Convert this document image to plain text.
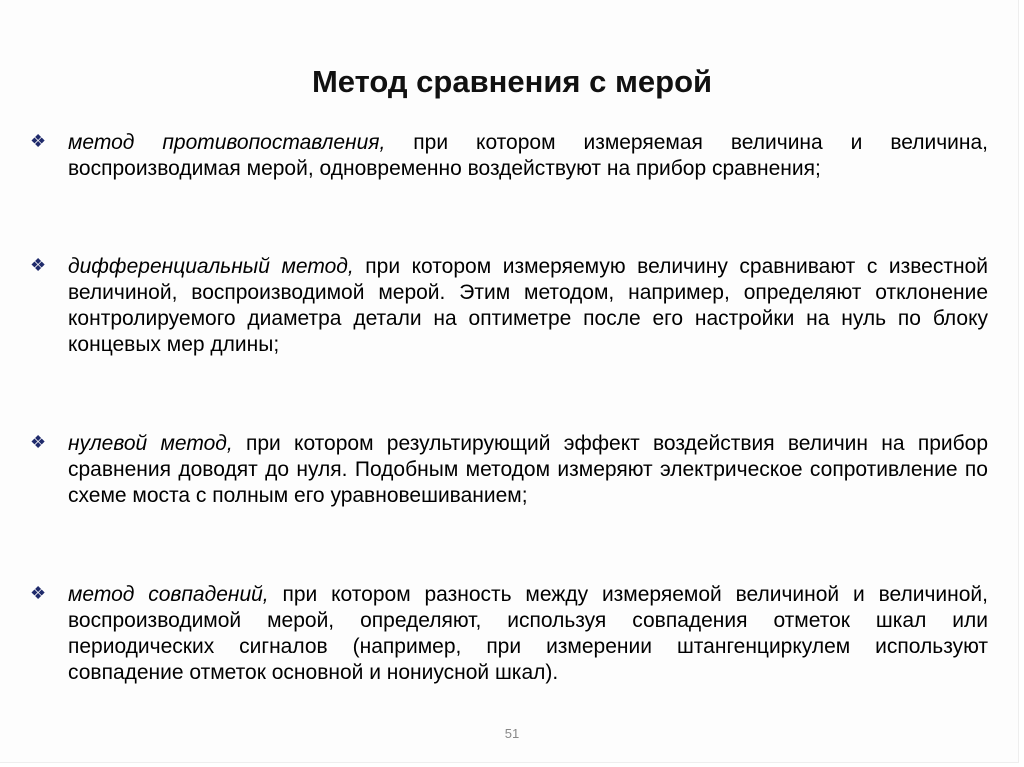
Метод сравнения с мерой
❖ метод противопоставления, при котором измеряемая величина и величина, воспроизводимая мерой, одновременно воздействуют на прибор сравнения;
❖ дифференциальный метод, при котором измеряемую величину сравнивают с известной величиной, воспроизводимой мерой. Этим методом, например, определяют отклонение контролируемого диаметра детали на оптиметре после его настройки на нуль по блоку концевых мер длины;
❖ нулевой метод, при котором результирующий эффект воздействия величин на прибор сравнения доводят до нуля. Подобным методом измеряют электрическое сопротивление по схеме моста с полным его уравновешиванием;
❖ метод совпадений, при котором разность между измеряемой величиной и величиной, воспроизводимой мерой, определяют, используя совпадения отметок шкал или периодических сигналов (например, при измерении штангенциркулем используют совпадение отметок основной и нониусной шкал).
51
